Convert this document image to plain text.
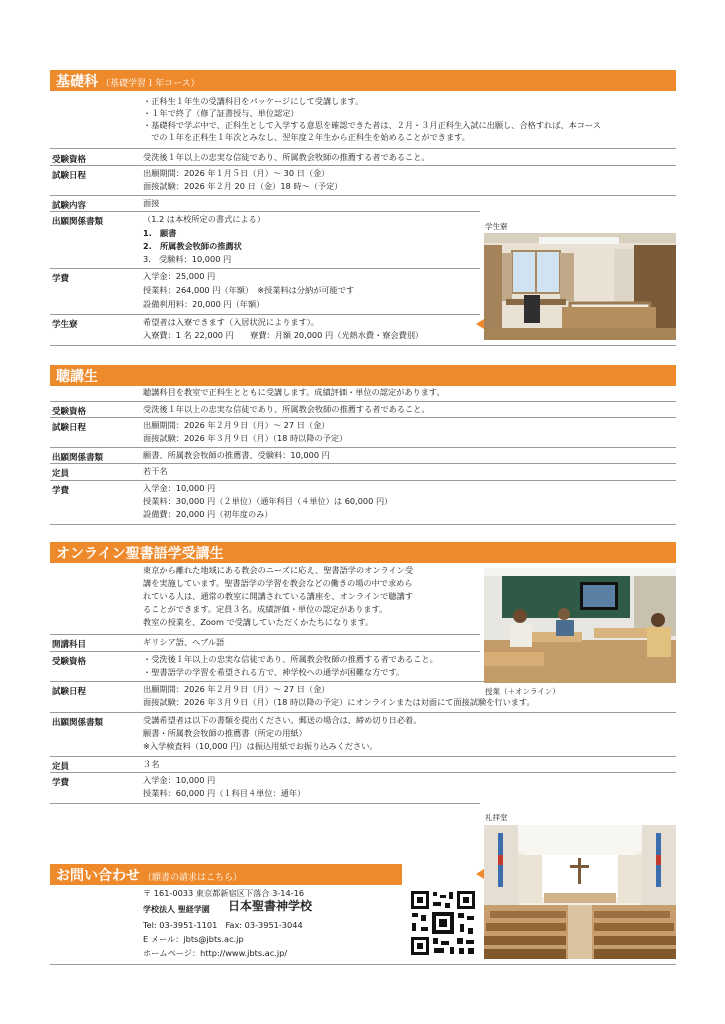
基礎科 （基礎学習１年コース）
・正科生１年生の受講科目をパッケージにして受講します。
・１年で終了（修了証書授与、単位認定）
・基礎科で学ぶ中で、正科生として入学する意思を確認できた者は、２月・３月正科生入試に出願し、合格すれば、本コース
　での１年を正科生１年次とみなし、翌年度２年生から正科生を始めることができます。
受験資格	受洗後１年以上の忠実な信徒であり、所属教会牧師の推薦する者であること。
試験日程	出願期間：2026 年１月５日（月）～ 30 日（金）
面接試験：2026 年２月 20 日（金）18 時～（予定）
試験内容	面接
出願関係書類	（1.2 は本校所定の書式による）
1.　願書
2.　所属教会牧師の推薦状
3.　受験料：10,000 円
学費	入学金：25,000 円
授業料：264,000 円（年額）　※授業料は分納が可能です
設備利用料：20,000 円（年額）
学生寮	希望者は入寮できます（入居状況によります）。
入寮費：1 名 22,000 円　　寮費：月額 20,000 円（光熱水費・寮会費別）
学生寮
聴講生
聴講科目を教室で正科生とともに受講します。成績評価・単位の認定があります。
受験資格	受洗後１年以上の忠実な信徒であり、所属教会牧師の推薦する者であること。
試験日程	出願期間：2026 年２月９日（月）～ 27 日（金）
面接試験：2026 年３月９日（月）（18 時以降の予定）
出願関係書類	願書、所属教会牧師の推薦書、受験料：10,000 円
定員	若干名
学費	入学金：10,000 円
授業料：30,000 円（２単位）（通年科目（４単位）は 60,000 円）
設備費：20,000 円（初年度のみ）
オンライン聖書語学受講生
東京から離れた地域にある教会のニーズに応え、聖書語学のオンライン受
講を実施しています。聖書語学の学習を教会などの働きの場の中で求めら
れている人は、通常の教室に開講されている講座を、オンラインで聴講す
ることができます。定員３名。成績評価・単位の認定があります。
教室の授業を、Zoom で受講していただくかたちになります。
開講科目	ギリシア語、ヘブル語
受験資格	・受洗後１年以上の忠実な信徒であり、所属教会牧師の推薦する者であること。
・聖書語学の学習を希望される方で、神学校への通学が困難な方です。
試験日程	出願期間：2026 年２月９日（月）～ 27 日（金）
面接試験：2026 年３月９日（月）（18 時以降の予定）にオンラインまたは対面にて面接試験を行います。
出願関係書類	受講希望者は以下の書類を提出ください。郵送の場合は、締め切り日必着。
願書・所属教会牧師の推薦書（所定の用紙）
※入学検査料（10,000 円）は振込用紙でお振り込みください。
定員	３名
学費	入学金：10,000 円
授業料：60,000 円（１科目４単位：通年）
授業（＋オンライン）
お問い合わせ （願書の請求はこちら）
〒 161-0033 東京都新宿区下落合 3-14-16
学校法人 聖経学園 日本聖書神学校
Tel: 03-3951-1101　Fax: 03-3951-3044
E メール：jbts@jbts.ac.jp
ホームページ：http://www.jbts.ac.jp/
礼拝堂
